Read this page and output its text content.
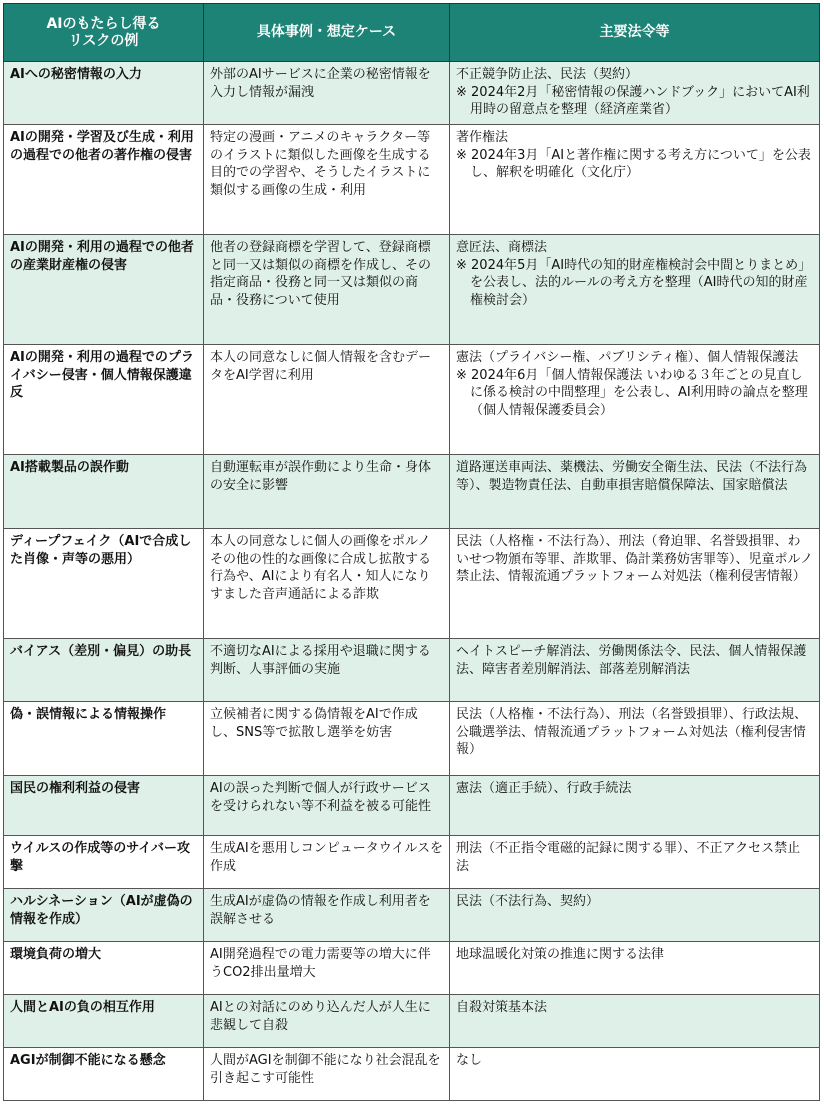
AIのもたらし得る
リスクの例	具体事例・想定ケース	主要法令等
AIへの秘密情報の入力	外部のAIサービスに企業の秘密情報を入力し情報が漏洩	不正競争防止法、民法（契約）
※ 2024年2月「秘密情報の保護ハンドブック」においてAI利用時の留意点を整理（経済産業省）

AIの開発・学習及び生成・利用の過程での他者の著作権の侵害	特定の漫画・アニメのキャラクター等のイラストに類似した画像を生成する目的での学習や、そうしたイラストに類似する画像の生成・利用	著作権法
※ 2024年3月「AIと著作権に関する考え方について」を公表し、解釈を明確化（文化庁）

AIの開発・利用の過程での他者の産業財産権の侵害	他者の登録商標を学習して、登録商標と同一又は類似の商標を作成し、その指定商品・役務と同一又は類似の商品・役務について使用	意匠法、商標法
※ 2024年5月「AI時代の知的財産権検討会中間とりまとめ」を公表し、法的ルールの考え方を整理（AI時代の知的財産権検討会）

AIの開発・利用の過程でのプライバシー侵害・個人情報保護違反	本人の同意なしに個人情報を含むデータをAI学習に利用	憲法（プライバシー権、パブリシティ権）、個人情報保護法
※ 2024年6月「個人情報保護法 いわゆる３年ごとの見直しに係る検討の中間整理」を公表し、AI利用時の論点を整理（個人情報保護委員会）

AI搭載製品の誤作動	自動運転車が誤作動により生命・身体の安全に影響	道路運送車両法、薬機法、労働安全衛生法、民法（不法行為等）、製造物責任法、自動車損害賠償保障法、国家賠償法
ディープフェイク（AIで合成した肖像・声等の悪用）	本人の同意なしに個人の画像をポルノその他の性的な画像に合成し拡散する行為や、AIにより有名人・知人になりすました音声通話による詐欺	民法（人格権・不法行為）、刑法（脅迫罪、名誉毀損罪、わいせつ物頒布等罪、詐欺罪、偽計業務妨害罪等）、児童ポルノ禁止法、情報流通プラットフォーム対処法（権利侵害情報）
バイアス（差別・偏見）の助長	不適切なAIによる採用や退職に関する判断、人事評価の実施	ヘイトスピーチ解消法、労働関係法令、民法、個人情報保護法、障害者差別解消法、部落差別解消法
偽・誤情報による情報操作	立候補者に関する偽情報をAIで作成し、SNS等で拡散し選挙を妨害	民法（人格権・不法行為）、刑法（名誉毀損罪）、行政法規、公職選挙法、情報流通プラットフォーム対処法（権利侵害情報）
国民の権利利益の侵害	AIの誤った判断で個人が行政サービスを受けられない等不利益を被る可能性	憲法（適正手続）、行政手続法
ウイルスの作成等のサイバー攻撃	生成AIを悪用しコンピュータウイルスを作成	刑法（不正指令電磁的記録に関する罪）、不正アクセス禁止法
ハルシネーション（AIが虚偽の情報を作成）	生成AIが虚偽の情報を作成し利用者を誤解させる	民法（不法行為、契約）
環境負荷の増大	AI開発過程での電力需要等の増大に伴うCO2排出量増大	地球温暖化対策の推進に関する法律
人間とAIの負の相互作用	AIとの対話にのめり込んだ人が人生に悲観して自殺	自殺対策基本法
AGIが制御不能になる懸念	人間がAGIを制御不能になり社会混乱を引き起こす可能性	なし
